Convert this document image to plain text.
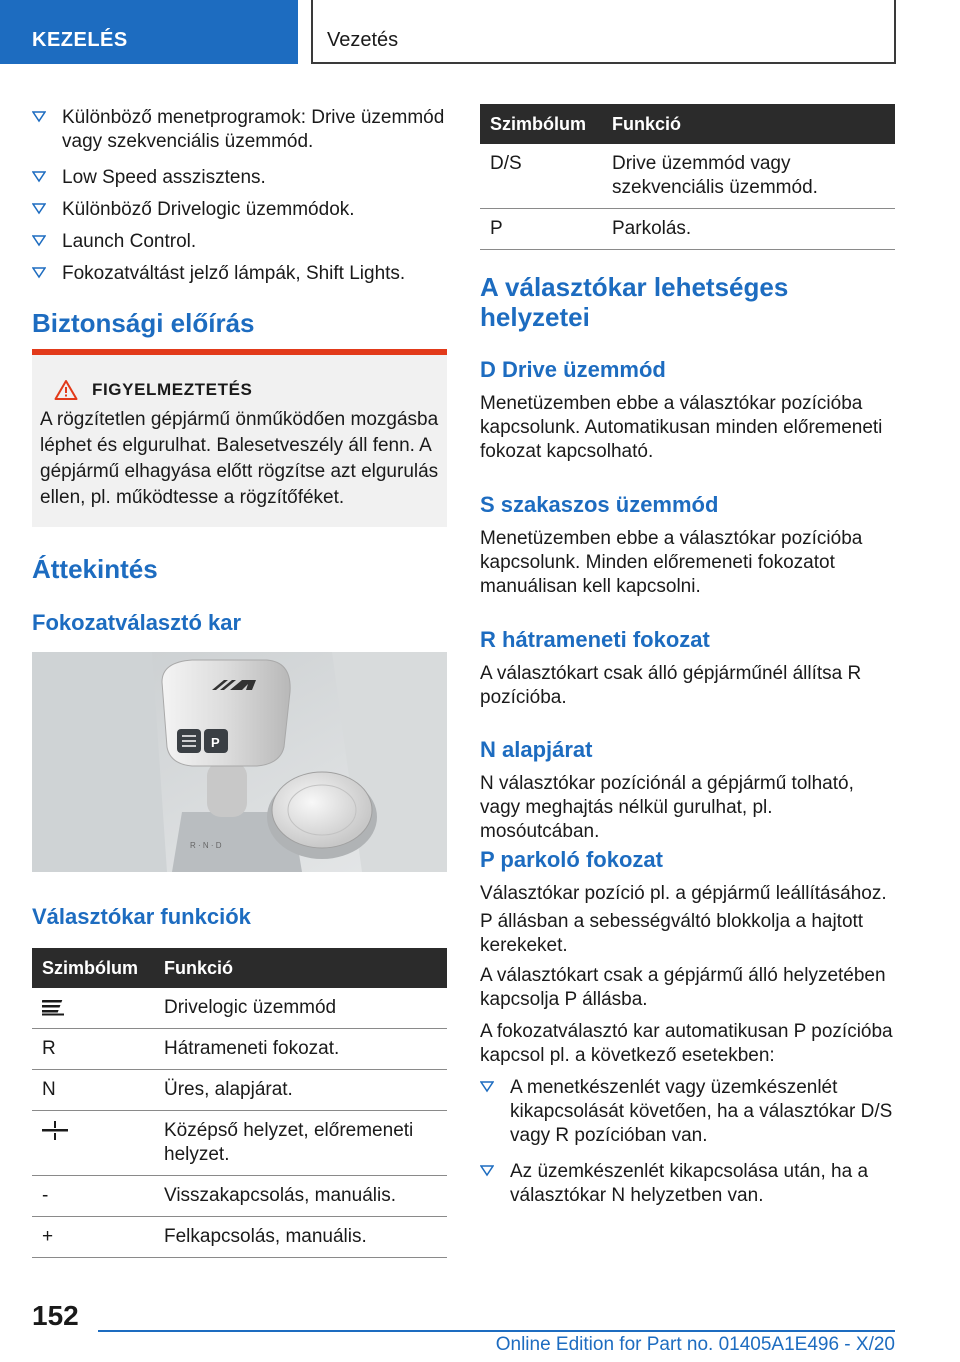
KEZELÉS	Vezetés
Különböző menetprogramok: Drive üzemmód vagy szekvenciális üzemmód.
Low Speed asszisztens.
Különböző Drivelogic üzemmódok.
Launch Control.
Fokozatváltást jelző lámpák, Shift Lights.
Biztonsági előírás
FIGYELMEZTETÉS
A rögzítetlen gépjármű önműködően mozgásba léphet és elgurulhat. Balesetveszély áll fenn. A gépjármű elhagyása előtt rögzítse azt elgurulás ellen, pl. működtesse a rögzítőféket.
Áttekintés
Fokozatválasztó kar
R · N · D
P
Választókar funkciók
Szimbólum	Funkció

	Drivelogic üzemmód
R	Hátrameneti fokozat.
N	Üres, alapjárat.

	Középső helyzet, előremeneti helyzet.
-	Visszakapcsolás, manuális.
+	Felkapcsolás, manuális.
Szimbólum	Funkció
D/S	Drive üzemmód vagy szekvenciális üzemmód.
P	Parkolás.
A választókar lehetséges helyzetei
D Drive üzemmód

Menetüzemben ebbe a választókar pozícióba kapcsolunk. Automatikusan minden előremeneti fokozat kapcsolható.

S szakaszos üzemmód

Menetüzemben ebbe a választókar pozícióba kapcsolunk. Minden előremeneti fokozatot manuálisan kell kapcsolni.

R hátrameneti fokozat

A választókart csak álló gépjárműnél állítsa R pozícióba.

N alapjárat

N választókar pozíciónál a gépjármű tolható, vagy meghajtás nélkül gurulhat, pl. mosóutcában.

P parkoló fokozat

Választókar pozíció pl. a gépjármű leállításához.

P állásban a sebességváltó blokkolja a hajtott kerekeket.

A választókart csak a gépjármű álló helyzetében kapcsolja P állásba.

A fokozatválasztó kar automatikusan P pozícióba kapcsol pl. a következő esetekben:

A menetkészenlét vagy üzemkészenlét kikapcsolását követően, ha a választókar D/S vagy R pozícióban van.
Az üzemkészenlét kikapcsolása után, ha a választókar N helyzetben van.
152
Online Edition for Part no. 01405A1E496 - X/20
